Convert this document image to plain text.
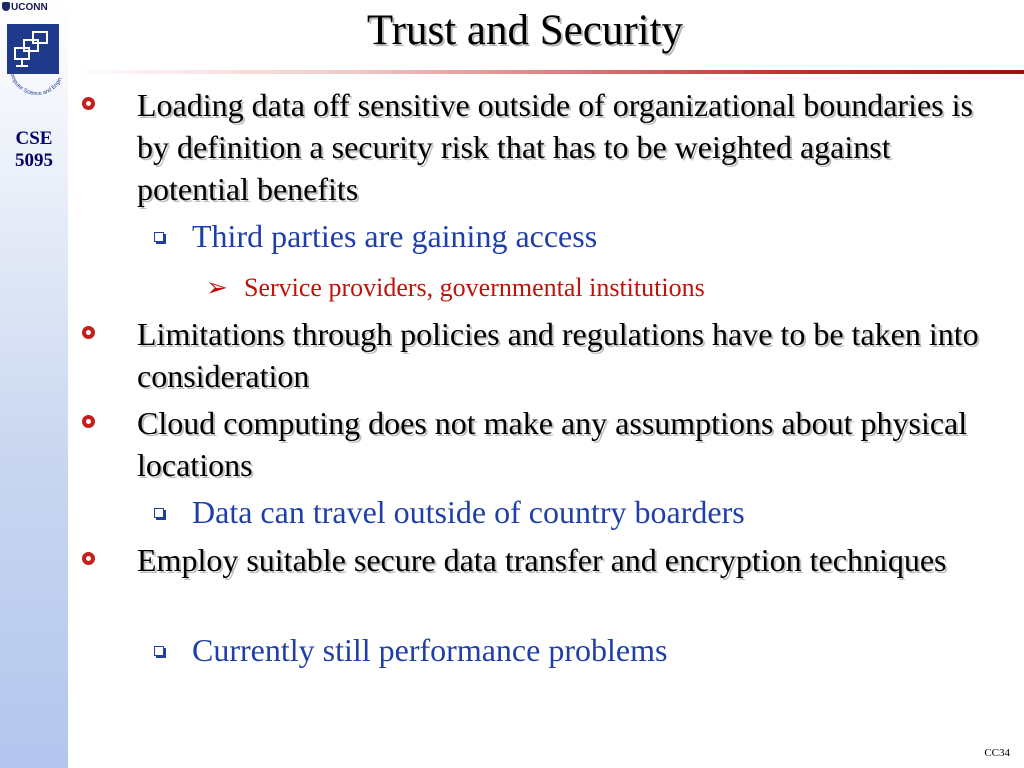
UCONN
Computer Science and Engin
CSE
5095
Trust and Security
Loading data off sensitive outside of organizational boundaries is by definition a security risk that has to be weighted against potential benefits
Third parties are gaining access
➢ Service providers, governmental institutions
Limitations through policies and regulations have to be taken into consideration
Cloud computing does not make any assumptions about physical locations
Data can travel outside of country boarders
Employ suitable secure data transfer and encryption techniques
Currently still performance problems
CC34
